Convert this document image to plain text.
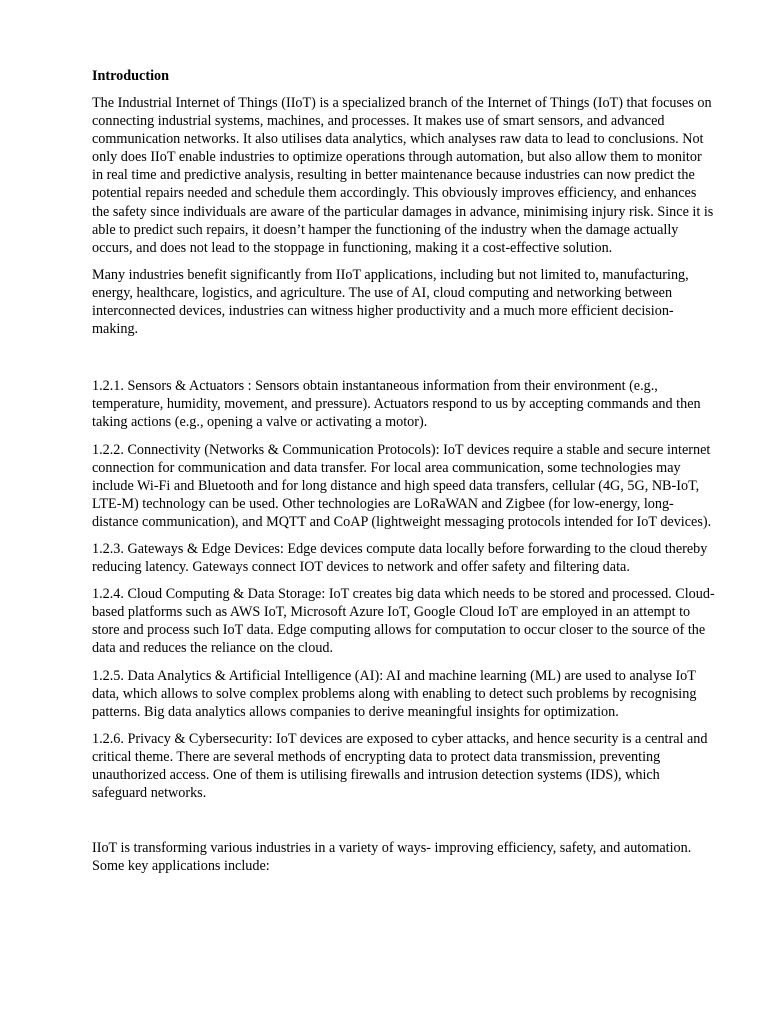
Introduction

The Industrial Internet of Things (IIoT) is a specialized branch of the Internet of Things (IoT) that focuses on connecting industrial systems, machines, and processes. It makes use of smart sensors, and advanced communication networks. It also utilises data analytics, which analyses raw data to lead to conclusions. Not only does IIoT enable industries to optimize operations through automation, but also allow them to monitor in real time and predictive analysis, resulting in better maintenance because industries can now predict the potential repairs needed and schedule them accordingly. This obviously improves efficiency, and enhances the safety since individuals are aware of the particular damages in advance, minimising injury risk. Since it is able to predict such repairs, it doesn’t hamper the functioning of the industry when the damage actually occurs, and does not lead to the stoppage in functioning, making it a cost-effective solution.

Many industries benefit significantly from IIoT applications, including but not limited to, manufacturing, energy, healthcare, logistics, and agriculture. The use of AI, cloud computing and networking between interconnected devices, industries can witness higher productivity and a much more efficient decision-making.

1.2.1. Sensors & Actuators : Sensors obtain instantaneous information from their environment (e.g., temperature, humidity, movement, and pressure). Actuators respond to us by accepting commands and then taking actions (e.g., opening a valve or activating a motor).

1.2.2. Connectivity (Networks & Communication Protocols): IoT devices require a stable and secure internet connection for communication and data transfer. For local area communication, some technologies may include Wi-Fi and Bluetooth and for long distance and high speed data transfers, cellular (4G, 5G, NB-IoT, LTE-M) technology can be used. Other technologies are LoRaWAN and Zigbee (for low-energy, long-distance communication), and MQTT and CoAP (lightweight messaging protocols intended for IoT devices).

1.2.3. Gateways & Edge Devices: Edge devices compute data locally before forwarding to the cloud thereby reducing latency. Gateways connect IOT devices to network and offer safety and filtering data.

1.2.4. Cloud Computing & Data Storage: IoT creates big data which needs to be stored and processed. Cloud-based platforms such as AWS IoT, Microsoft Azure IoT, Google Cloud IoT are employed in an attempt to store and process such IoT data. Edge computing allows for computation to occur closer to the source of the data and reduces the reliance on the cloud.

1.2.5. Data Analytics & Artificial Intelligence (AI): AI and machine learning (ML) are used to analyse IoT data, which allows to solve complex problems along with enabling to detect such problems by recognising patterns. Big data analytics allows companies to derive meaningful insights for optimization.

1.2.6. Privacy & Cybersecurity: IoT devices are exposed to cyber attacks, and hence security is a central and critical theme. There are several methods of encrypting data to protect data transmission, preventing unauthorized access. One of them is utilising firewalls and intrusion detection systems (IDS), which safeguard networks.

IIoT is transforming various industries in a variety of ways- improving efficiency, safety, and automation. Some key applications include:
